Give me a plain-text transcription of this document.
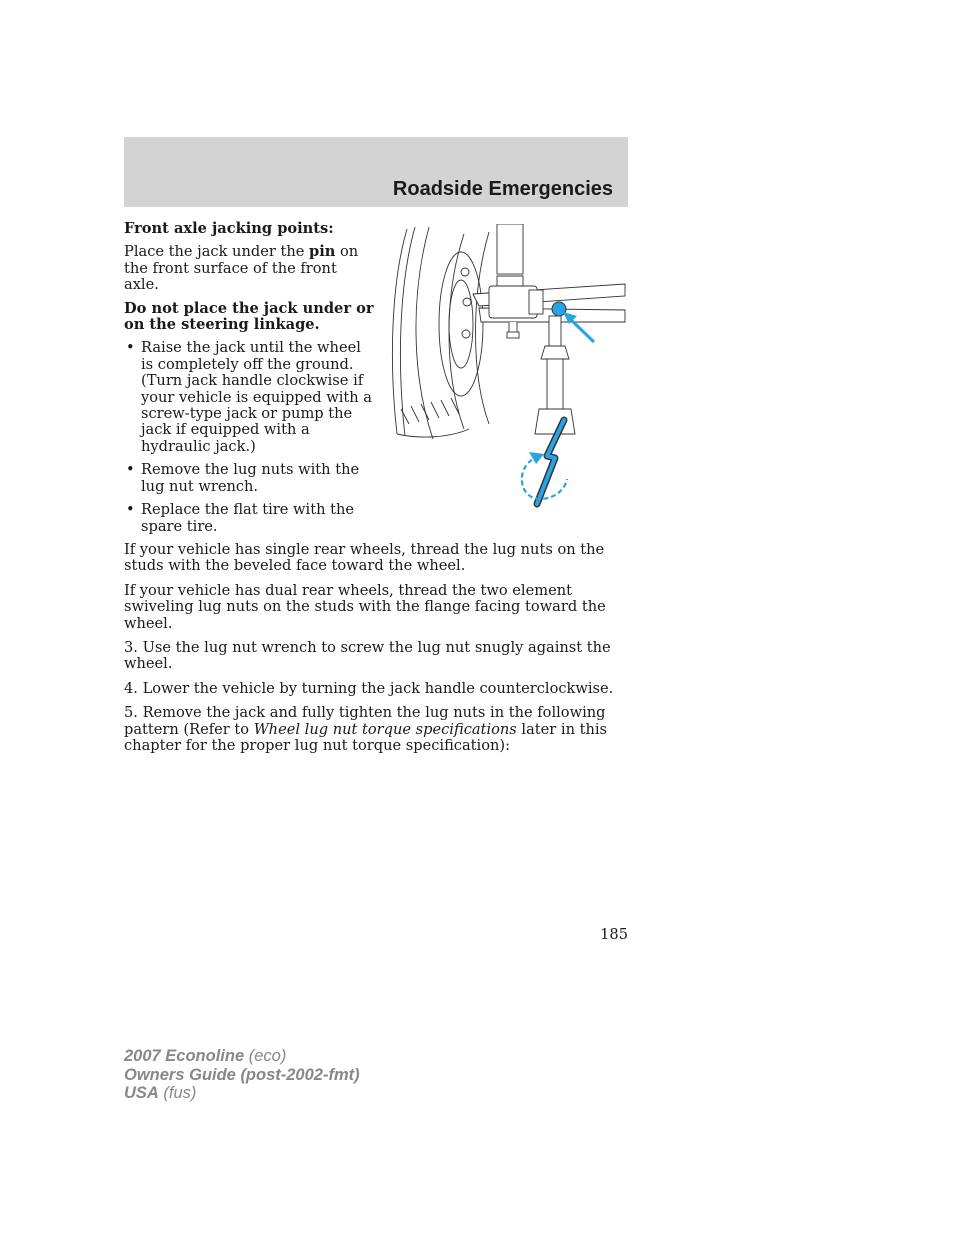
Roadside Emergencies

Front axle jacking points:

Place the jack under the pin on the front surface of the front axle.

Do not place the jack under or on the steering linkage.

• Raise the jack until the wheel is completely off the ground. (Turn jack handle clockwise if your vehicle is equipped with a screw-type jack or pump the jack if equipped with a hydraulic jack.)
• Remove the lug nuts with the lug nut wrench.
• Replace the flat tire with the spare tire.

If your vehicle has single rear wheels, thread the lug nuts on the studs with the beveled face toward the wheel.

If your vehicle has dual rear wheels, thread the two element swiveling lug nuts on the studs with the flange facing toward the wheel.

3. Use the lug nut wrench to screw the lug nut snugly against the wheel.

4. Lower the vehicle by turning the jack handle counterclockwise.

5. Remove the jack and fully tighten the lug nuts in the following pattern (Refer to Wheel lug nut torque specifications later in this chapter for the proper lug nut torque specification):

185
2007 Econoline (eco)
Owners Guide (post-2002-fmt)
USA (fus)
